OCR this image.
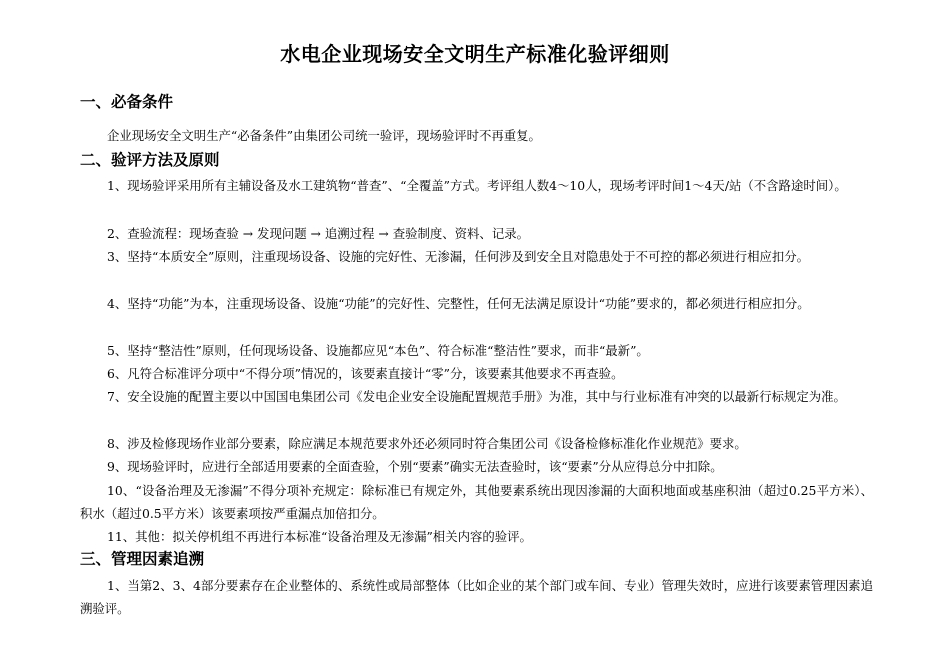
水电企业现场安全文明生产标准化验评细则
一、必备条件
企业现场安全文明生产“必备条件”由集团公司统一验评，现场验评时不再重复。
二、验评方法及原则
1、现场验评采用所有主辅设备及水工建筑物“普查”、“全覆盖”方式。考评组人数4～10人，现场考评时间1～4天/站（不含路途时间）。
2、查验流程：现场查验 → 发现问题 → 追溯过程 → 查验制度、资料、记录。
3、坚持“本质安全”原则，注重现场设备、设施的完好性、无渗漏，任何涉及到安全且对隐患处于不可控的都必须进行相应扣分。
4、坚持“功能”为本，注重现场设备、设施“功能”的完好性、完整性，任何无法满足原设计“功能”要求的，都必须进行相应扣分。
5、坚持“整洁性”原则，任何现场设备、设施都应见“本色”、符合标准“整洁性”要求，而非“最新”。
6、凡符合标准评分项中“不得分项”情况的，该要素直接计“零”分，该要素其他要求不再查验。
7、安全设施的配置主要以中国国电集团公司《发电企业安全设施配置规范手册》为准，其中与行业标准有冲突的以最新行标规定为准。
8、涉及检修现场作业部分要素，除应满足本规范要求外还必须同时符合集团公司《设备检修标准化作业规范》要求。
9、现场验评时，应进行全部适用要素的全面查验，个别“要素”确实无法查验时，该“要素”分从应得总分中扣除。
10、“设备治理及无渗漏”不得分项补充规定：除标准已有规定外，其他要素系统出现因渗漏的大面积地面或基座积油（超过0.25平方米）、积水（超过0.5平方米）该要素项按严重漏点加倍扣分。
11、其他：拟关停机组不再进行本标准“设备治理及无渗漏”相关内容的验评。
三、管理因素追溯
1、当第2、3、4部分要素存在企业整体的、系统性或局部整体（比如企业的某个部门或车间、专业）管理失效时，应进行该要素管理因素追溯验评。
